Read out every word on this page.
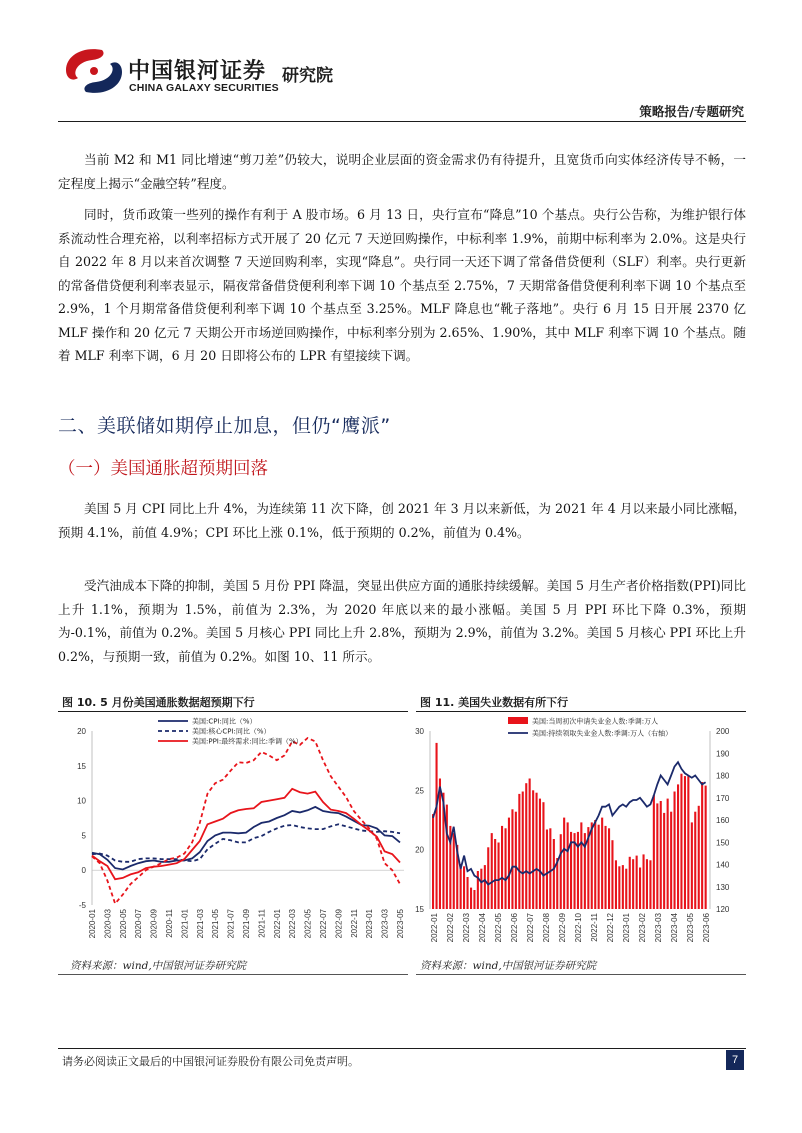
中国银河证券
CHINA GALAXY SECURITIES
研究院
策略报告/专题研究

当前 M2 和 M1 同比增速“剪刀差”仍较大，说明企业层面的资金需求仍有待提升，且宽货币向实体经济传导不畅，一定程度上揭示“金融空转”程度。

同时，货币政策一些列的操作有利于 A 股市场。6 月 13 日，央行宣布“降息”10 个基点。央行公告称，为维护银行体系流动性合理充裕，以利率招标方式开展了 20 亿元 7 天逆回购操作，中标利率 1.9%，前期中标利率为 2.0%。这是央行自 2022 年 8 月以来首次调整 7 天逆回购利率，实现“降息”。央行同一天还下调了常备借贷便利（SLF）利率。央行更新的常备借贷便利利率表显示，隔夜常备借贷便利利率下调 10 个基点至 2.75%，7 天期常备借贷便利利率下调 10 个基点至 2.9%，1 个月期常备借贷便利利率下调 10 个基点至 3.25%。MLF 降息也“靴子落地”。央行 6 月 15 日开展 2370 亿 MLF 操作和 20 亿元 7 天期公开市场逆回购操作，中标利率分别为 2.65%、1.90%，其中 MLF 利率下调 10 个基点。随着 MLF 利率下调，6 月 20 日即将公布的 LPR 有望接续下调。

二、美联储如期停止加息，但仍“鹰派”
（一）美国通胀超预期回落

美国 5 月 CPI 同比上升 4%，为连续第 11 次下降，创 2021 年 3 月以来新低，为 2021 年 4 月以来最小同比涨幅，预期 4.1%，前值 4.9%；CPI 环比上涨 0.1%，低于预期的 0.2%，前值为 0.4%。

受汽油成本下降的抑制，美国 5 月份 PPI 降温，突显出供应方面的通胀持续缓解。美国 5 月生产者价格指数(PPI)同比上升 1.1%，预期为 1.5%，前值为 2.3%，为 2020 年底以来的最小涨幅。美国 5 月 PPI 环比下降 0.3%，预期为-0.1%，前值为 0.2%。美国 5 月核心 PPI 同比上升 2.8%，预期为 2.9%，前值为 3.2%。美国 5 月核心 PPI 环比上升 0.2%，与预期一致，前值为 0.2%。如图 10、11 所示。

图 10. 5 月份美国通胀数据超预期下行
20
15
10
5
0
-5
2020-01 2020-03 2020-05 2020-07 2020-09 2020-11 2021-01 2021-03 2021-05 2021-07 2021-09 2021-11 2022-01 2022-03 2022-05 2022-07 2022-09 2022-11 2023-01 2023-03 2023-05
美国:CPI:同比（%）
美国:核心CPI:同比（%）
美国:PPI:最终需求:同比:季调（%）
资料来源：wind,中国银河证券研究院
图 11. 美国失业数据有所下行
30
25
20
15
200
190
180
170
160
150
140
130
120
2022-01 2022-02 2022-03 2022-04 2022-05 2022-06 2022-07 2022-08 2022-09 2022-10 2022-11 2022-12 2023-01 2023-02 2023-03 2023-04 2023-05 2023-06
美国:当周初次申请失业金人数:季调:万人
美国:持续领取失业金人数:季调:万人（右轴）
资料来源：wind,中国银河证券研究院
请务必阅读正文最后的中国银河证券股份有限公司免责声明。	7
